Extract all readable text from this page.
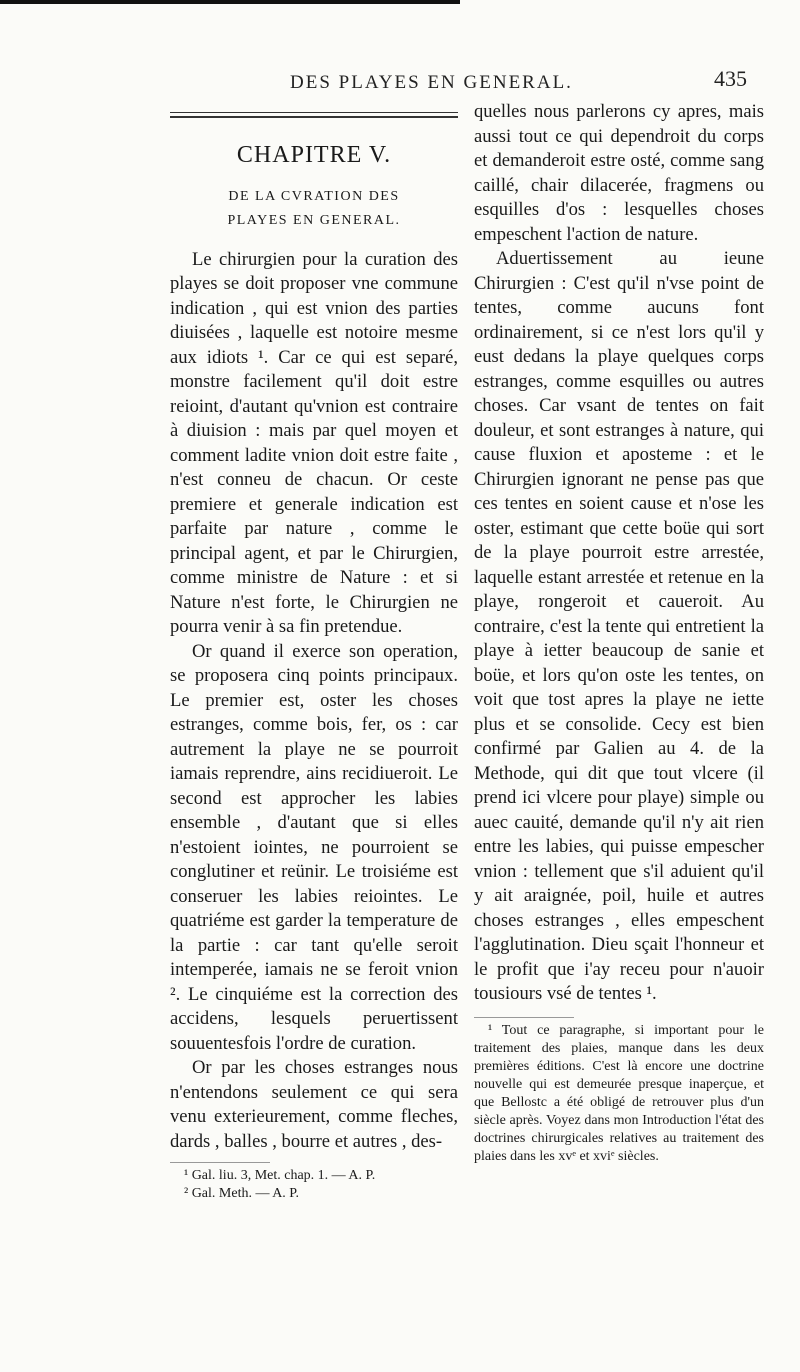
DES PLAYES EN GENERAL.	435
CHAPITRE V.
DE LA CVRATION DES PLAYES EN GENERAL.

Le chirurgien pour la curation des playes se doit proposer vne commune indication , qui est vnion des parties diuisées , laquelle est notoire mesme aux idiots ¹. Car ce qui est separé, monstre facilement qu'il doit estre reioint, d'autant qu'vnion est contraire à diuision : mais par quel moyen et comment ladite vnion doit estre faite , n'est conneu de chacun. Or ceste premiere et generale indication est parfaite par nature , comme le principal agent, et par le Chirurgien, comme ministre de Nature : et si Nature n'est forte, le Chirurgien ne pourra venir à sa fin pretendue.

Or quand il exerce son operation, se proposera cinq points principaux. Le premier est, oster les choses estranges, comme bois, fer, os : car autrement la playe ne se pourroit iamais reprendre, ains recidiueroit. Le second est approcher les labies ensemble , d'autant que si elles n'estoient iointes, ne pourroient se conglutiner et reünir. Le troisiéme est conseruer les labies reiointes. Le quatriéme est garder la temperature de la partie : car tant qu'elle seroit intemperée, iamais ne se feroit vnion ². Le cinquiéme est la correction des accidens, lesquels peruertissent souuentesfois l'ordre de curation.

Or par les choses estranges nous n'entendons seulement ce qui sera venu exterieurement, comme fleches, dards , balles , bourre et autres , des-

¹ Gal. liu. 3, Met. chap. 1. — A. P.
² Gal. Meth. — A. P.

quelles nous parlerons cy apres, mais aussi tout ce qui dependroit du corps et demanderoit estre osté, comme sang caillé, chair dilacerée, fragmens ou esquilles d'os : lesquelles choses empeschent l'action de nature.

Aduertissement au ieune Chirurgien : C'est qu'il n'vse point de tentes, comme aucuns font ordinairement, si ce n'est lors qu'il y eust dedans la playe quelques corps estranges, comme esquilles ou autres choses. Car vsant de tentes on fait douleur, et sont estranges à nature, qui cause fluxion et aposteme : et le Chirurgien ignorant ne pense pas que ces tentes en soient cause et n'ose les oster, estimant que cette boüe qui sort de la playe pourroit estre arrestée, laquelle estant arrestée et retenue en la playe, rongeroit et caueroit. Au contraire, c'est la tente qui entretient la playe à ietter beaucoup de sanie et boüe, et lors qu'on oste les tentes, on voit que tost apres la playe ne iette plus et se consolide. Cecy est bien confirmé par Galien au 4. de la Methode, qui dit que tout vlcere (il prend ici vlcere pour playe) simple ou auec cauité, demande qu'il n'y ait rien entre les labies, qui puisse empescher vnion : tellement que s'il aduient qu'il y ait araignée, poil, huile et autres choses estranges , elles empeschent l'agglutination. Dieu sçait l'honneur et le profit que i'ay receu pour n'auoir tousiours vsé de tentes ¹.

¹ Tout ce paragraphe, si important pour le traitement des plaies, manque dans les deux premières éditions. C'est là encore une doctrine nouvelle qui est demeurée presque inaperçue, et que Bellostc a été obligé de retrouver plus d'un siècle après. Voyez dans mon Introduction l'état des doctrines chirurgicales relatives au traitement des plaies dans les xvᵉ et xviᵉ siècles.
